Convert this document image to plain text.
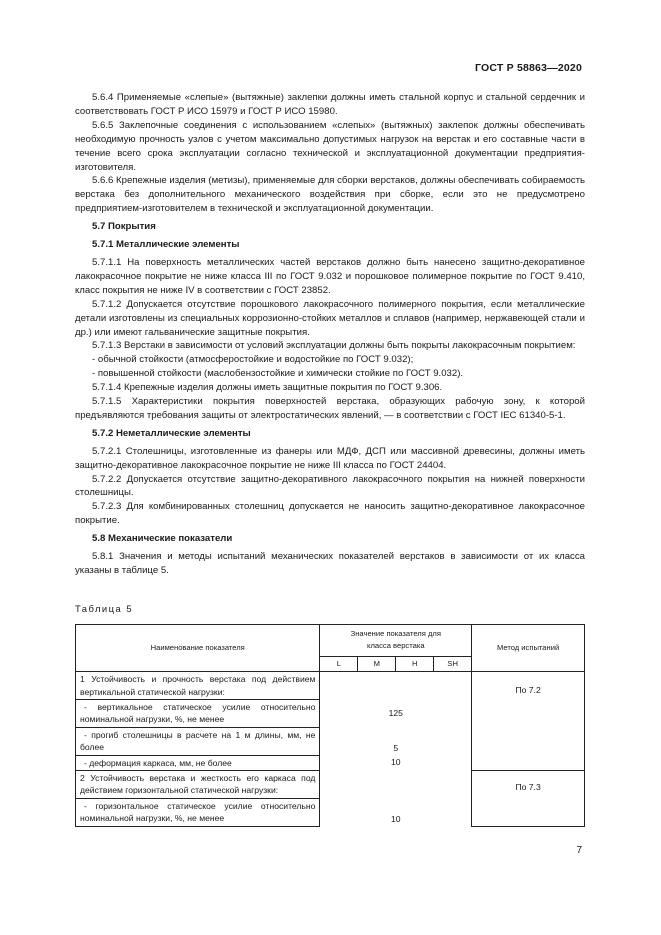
ГОСТ Р 58863—2020

5.6.4 Применяемые «слепые» (вытяжные) заклепки должны иметь стальной корпус и стальной сердечник и соответствовать ГОСТ Р ИСО 15979 и ГОСТ Р ИСО 15980.

5.6.5 Заклепочные соединения с использованием «слепых» (вытяжных) заклепок должны обеспечивать необходимую прочность узлов с учетом максимально допустимых нагрузок на верстак и его составные части в течение всего срока эксплуатации согласно технической и эксплуатационной документации предприятия-изготовителя.

5.6.6 Крепежные изделия (метизы), применяемые для сборки верстаков, должны обеспечивать собираемость верстака без дополнительного механического воздействия при сборке, если это не предусмотрено предприятием-изготовителем в технической и эксплуатационной документации.

5.7 Покрытия

5.7.1 Металлические элементы

5.7.1.1 На поверхность металлических частей верстаков должно быть нанесено защитно-декоративное лакокрасочное покрытие не ниже класса III по ГОСТ 9.032 и порошковое полимерное покрытие по ГОСТ 9.410, класс покрытия не ниже IV в соответствии с ГОСТ 23852.

5.7.1.2 Допускается отсутствие порошкового лакокрасочного полимерного покрытия, если металлические детали изготовлены из специальных коррозионно-стойких металлов и сплавов (например, нержавеющей стали и др.) или имеют гальванические защитные покрытия.

5.7.1.3 Верстаки в зависимости от условий эксплуатации должны быть покрыты лакокрасочным покрытием:

- обычной стойкости (атмосферостойкие и водостойкие по ГОСТ 9.032);

- повышенной стойкости (маслобензостойкие и химически стойкие по ГОСТ 9.032).

5.7.1.4 Крепежные изделия должны иметь защитные покрытия по ГОСТ 9.306.

5.7.1.5 Характеристики покрытия поверхностей верстака, образующих рабочую зону, к которой предъявляются требования защиты от электростатических явлений, — в соответствии с ГОСТ IEC 61340-5-1.

5.7.2 Неметаллические элементы

5.7.2.1 Столешницы, изготовленные из фанеры или МДФ, ДСП или массивной древесины, должны иметь защитно-декоративное лакокрасочное покрытие не ниже III класса по ГОСТ 24404.

5.7.2.2 Допускается отсутствие защитно-декоративного лакокрасочного покрытия на нижней поверхности столешницы.

5.7.2.3 Для комбинированных столешниц допускается не наносить защитно-декоративное лакокрасочное покрытие.

5.8 Механические показатели

5.8.1 Значения и методы испытаний механических показателей верстаков в зависимости от их класса указаны в таблице 5.

Таблица 5
Наименование показателя	Значение показателя для класса верстака				Метод испытаний
	L	M	H	SH	
1 Устойчивость и прочность верстака под действием вертикальной статической нагрузки:					По 7.2
- вертикальное статическое усилие относительно номинальной нагрузки, %, не менее	125				
- прогиб столешницы в расчете на 1 м длины, мм, не более	5				
- деформация каркаса, мм, не более	10				
2 Устойчивость верстака и жесткость его каркаса под действием горизонтальной статической нагрузки:					По 7.3
- горизонтальное статическое усилие относительно номинальной нагрузки, %, не менее	10				
7
